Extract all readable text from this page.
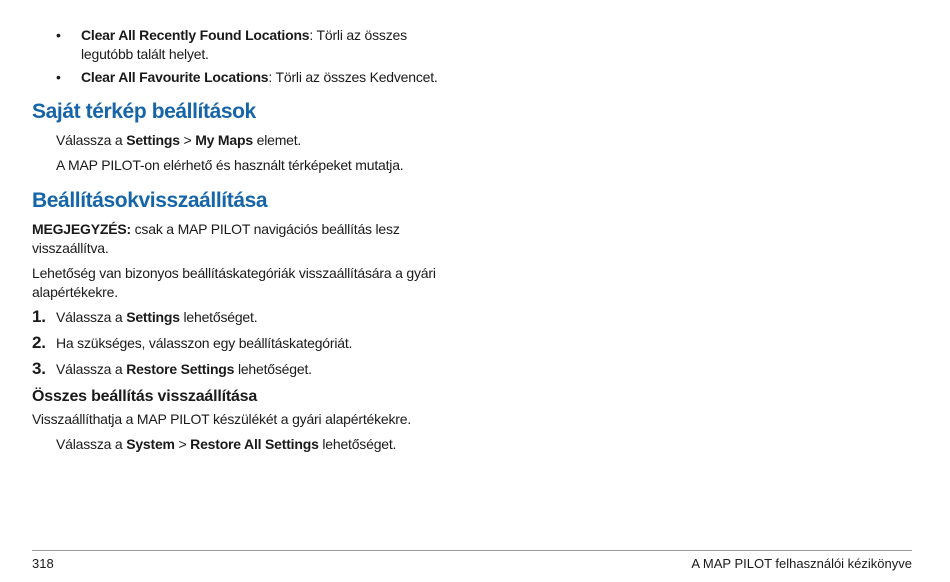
• Clear All Recently Found Locations: Törli az összes legutóbb talált helyet.
• Clear All Favourite Locations: Törli az összes Kedvencet.
Saját térkép beállítások
Válassza a Settings > My Maps elemet.
A MAP PILOT-on elérhető és használt térképeket mutatja.
Beállításokvisszaállítása
MEGJEGYZÉS: csak a MAP PILOT navigációs beállítás lesz visszaállítva.
Lehetőség van bizonyos beállításkategóriák visszaállítására a gyári alapértékekre.
1. Válassza a Settings lehetőséget.
2. Ha szükséges, válasszon egy beállításkategóriát.
3. Válassza a Restore Settings lehetőséget.
Összes beállítás visszaállítása
Visszaállíthatja a MAP PILOT készülékét a gyári alapértékekre.
Válassza a System > Restore All Settings lehetőséget.
318	A MAP PILOT felhasználói kézikönyve
